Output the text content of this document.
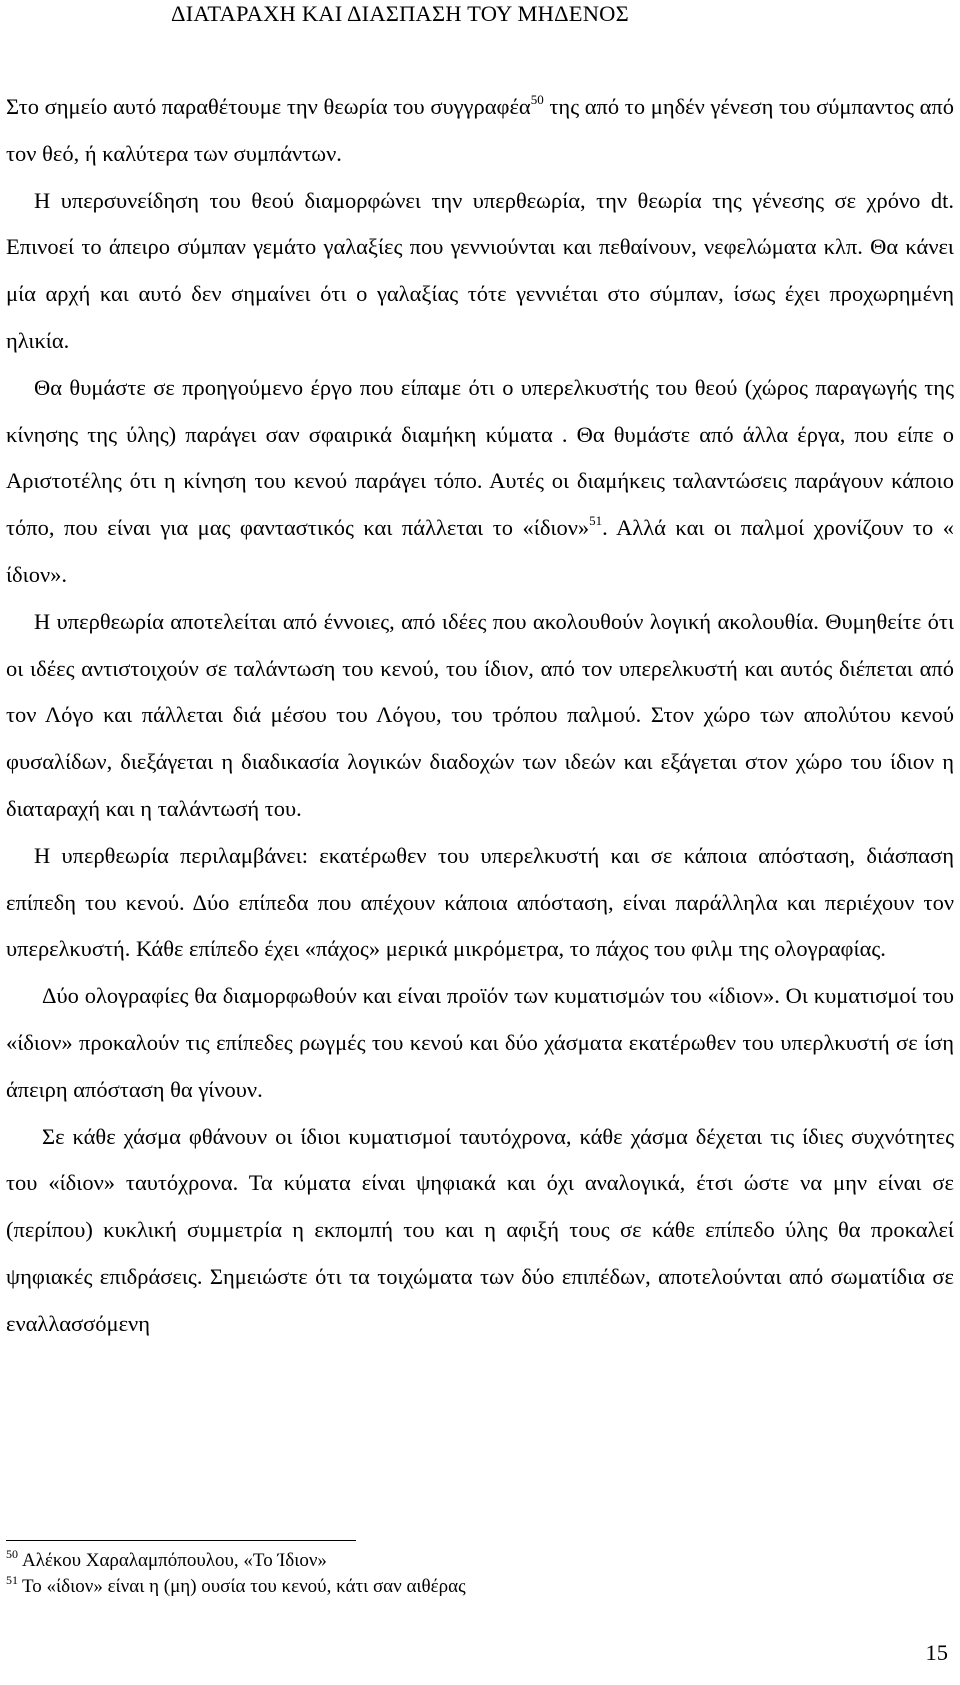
ΔΙΑΤΑΡΑΧΗ ΚΑΙ ΔΙΑΣΠΑΣΗ ΤΟΥ ΜΗΔΕΝΟΣ

Στο σημείο αυτό παραθέτουμε την θεωρία του συγγραφέα$^{50}$ της από το μηδέν γένεση του σύμπαντος από τον θεό, ή καλύτερα των συμπάντων.

Η υπερσυνείδηση του θεού διαμορφώνει την υπερθεωρία, την θεωρία της γένεσης σε χρόνο dt. Επινοεί το άπειρο σύμπαν γεμάτο γαλαξίες που γεννιούνται και πεθαίνουν, νεφελώματα κλπ. Θα κάνει μία αρχή και αυτό δεν σημαίνει ότι ο γαλαξίας τότε γεννιέται στο σύμπαν, ίσως έχει προχωρημένη ηλικία.

Θα θυμάστε σε προηγούμενο έργο που είπαμε ότι ο υπερελκυστής του θεού (χώρος παραγωγής της κίνησης της ύλης) παράγει σαν σφαιρικά διαμήκη κύματα . Θα θυμάστε από άλλα έργα, που είπε ο Αριστοτέλης ότι η κίνηση του κενού παράγει τόπο. Αυτές οι διαμήκεις ταλαντώσεις παράγουν κάποιο τόπο, που είναι για μας φανταστικός και πάλλεται το «ίδιον»$^{51}$. Αλλά και οι παλμοί χρονίζουν το « ίδιον».

Η υπερθεωρία αποτελείται από έννοιες, από ιδέες που ακολουθούν λογική ακολουθία. Θυμηθείτε ότι οι ιδέες αντιστοιχούν σε ταλάντωση του κενού, του ίδιον, από τον υπερελκυστή και αυτός διέπεται από τον Λόγο και πάλλεται διά μέσου του Λόγου, του τρόπου παλμού. Στον χώρο των απολύτου κενού φυσαλίδων, διεξάγεται η διαδικασία λογικών διαδοχών των ιδεών και εξάγεται στον χώρο του ίδιον η διαταραχή και η ταλάντωσή του.

Η υπερθεωρία περιλαμβάνει: εκατέρωθεν του υπερελκυστή και σε κάποια απόσταση, διάσπαση επίπεδη του κενού. Δύο επίπεδα που απέχουν κάποια απόσταση, είναι παράλληλα και περιέχουν τον υπερελκυστή. Κάθε επίπεδο έχει «πάχος» μερικά μικρόμετρα, το πάχος του φιλμ της ολογραφίας.

Δύο ολογραφίες θα διαμορφωθούν και είναι προϊόν των κυματισμών του «ίδιον». Οι κυματισμοί του «ίδιον» προκαλούν τις επίπεδες ρωγμές του κενού και δύο χάσματα εκατέρωθεν του υπερλκυστή σε ίση άπειρη απόσταση θα γίνουν.

Σε κάθε χάσμα φθάνουν οι ίδιοι κυματισμοί ταυτόχρονα, κάθε χάσμα δέχεται τις ίδιες συχνότητες του «ίδιον» ταυτόχρονα. Τα κύματα είναι ψηφιακά και όχι αναλογικά, έτσι ώστε να μην είναι σε (περίπου) κυκλική συμμετρία η εκπομπή του και η αφιξή τους σε κάθε επίπεδο ύλης θα προκαλεί ψηφιακές επιδράσεις. Σημειώστε ότι τα τοιχώματα των δύο επιπέδων, αποτελούνται από σωματίδια σε εναλλασσόμενη

$^{50}$ Αλέκου Χαραλαμπόπουλου, «Το Ίδιον»
$^{51}$ Το «ίδιον» είναι η (μη) ουσία του κενού, κάτι σαν αιθέρας
15
